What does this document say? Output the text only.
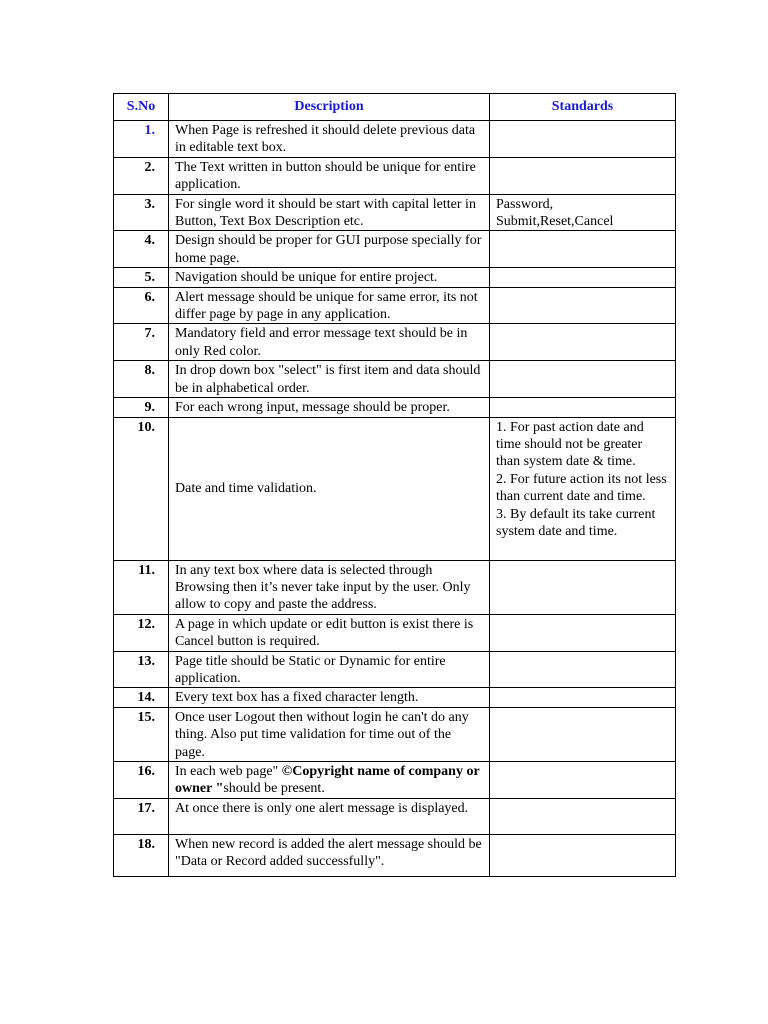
S.No	Description	Standards
1.	When Page is refreshed it should delete previous data in editable text box.	
2.	The Text written in button should be unique for entire application.	
3.	For single word it should be start with capital letter in Button, Text Box Description etc.	Password,
Submit,Reset,Cancel

4.	Design should be proper for GUI purpose specially for home page.	
5.	Navigation should be unique for entire project.	
6.	Alert message should be unique for same error, its not differ page by page in any application.	
7.	Mandatory field and error message text should be in only Red color.	
8.	In drop down box "select" is first item and data should be in alphabetical order.	
9.	For each wrong input, message should be proper.	
10.	Date and time validation.	1. For past action date and time should not be greater than system date & time.
2. For future action its not less than current date and time.
3. By default its take current system date and time.

11.	In any text box where data is selected through Browsing then it’s never take input by the user. Only allow to copy and paste the address.	
12.	A page in which update or edit button is exist there is Cancel button is required.	
13.	Page title should be Static or Dynamic for entire application.	
14.	Every text box has a fixed character length.	
15.	Once user Logout then without login he can't do any thing. Also put time validation for time out of the page.	
16.	In each web page" ©Copyright name of company or owner "should be present.	
17.	At once there is only one alert message is displayed.	
18.	When new record is added the alert message should be "Data or Record added successfully".	
